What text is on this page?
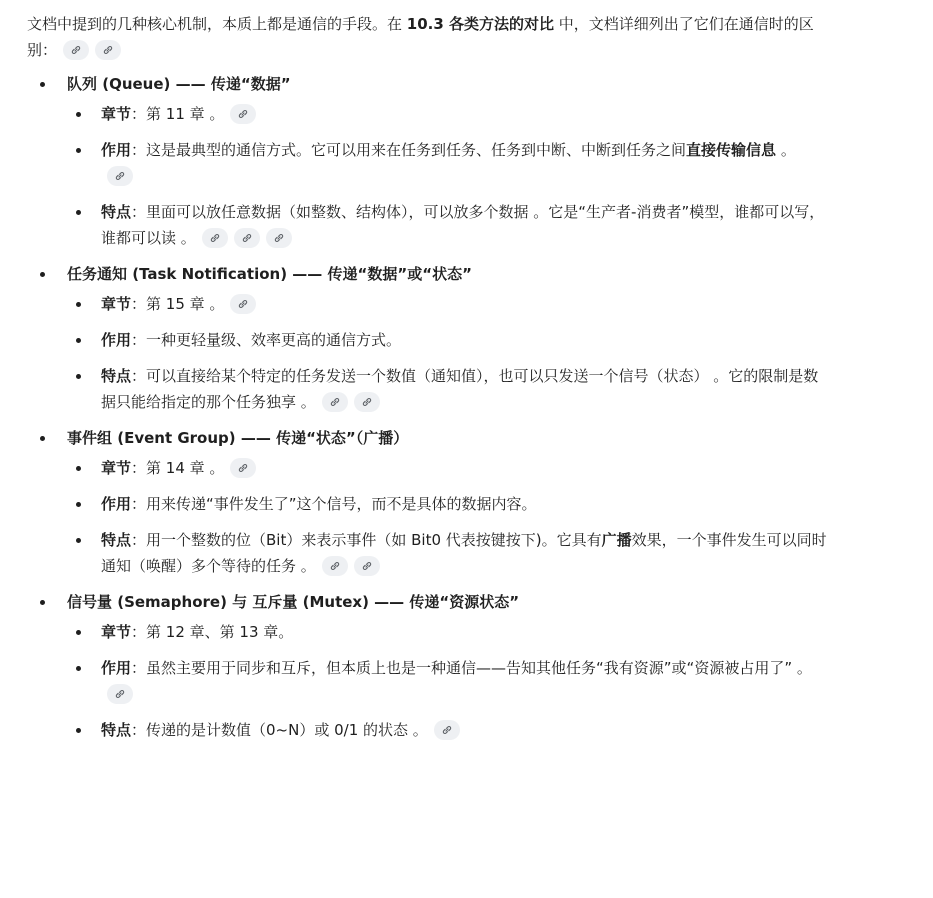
文档中提到的几种核心机制，本质上都是通信的手段。在 10.3 各类方法的对比 中，文档详细列出了它们在通信时的区别：

队列 (Queue) —— 传递“数据”
章节：第 11 章 。
作用：这是最典型的通信方式。它可以用来在任务到任务、任务到中断、中断到任务之间直接传输信息 。
特点：里面可以放任意数据（如整数、结构体），可以放多个数据 。它是“生产者-消费者”模型，谁都可以写，谁都可以读 。
任务通知 (Task Notification) —— 传递“数据”或“状态”
章节：第 15 章 。
作用：一种更轻量级、效率更高的通信方式。
特点：可以直接给某个特定的任务发送一个数值（通知值），也可以只发送一个信号（状态） 。它的限制是数据只能给指定的那个任务独享 。
事件组 (Event Group) —— 传递“状态”（广播）
章节：第 14 章 。
作用：用来传递“事件发生了”这个信号，而不是具体的数据内容。
特点：用一个整数的位（Bit）来表示事件（如 Bit0 代表按键按下)。它具有广播效果，一个事件发生可以同时通知（唤醒）多个等待的任务 。
信号量 (Semaphore) 与 互斥量 (Mutex) —— 传递“资源状态”
章节：第 12 章、第 13 章。
作用：虽然主要用于同步和互斥，但本质上也是一种通信——告知其他任务“我有资源”或“资源被占用了” 。
特点：传递的是计数值（0~N）或 0/1 的状态 。
